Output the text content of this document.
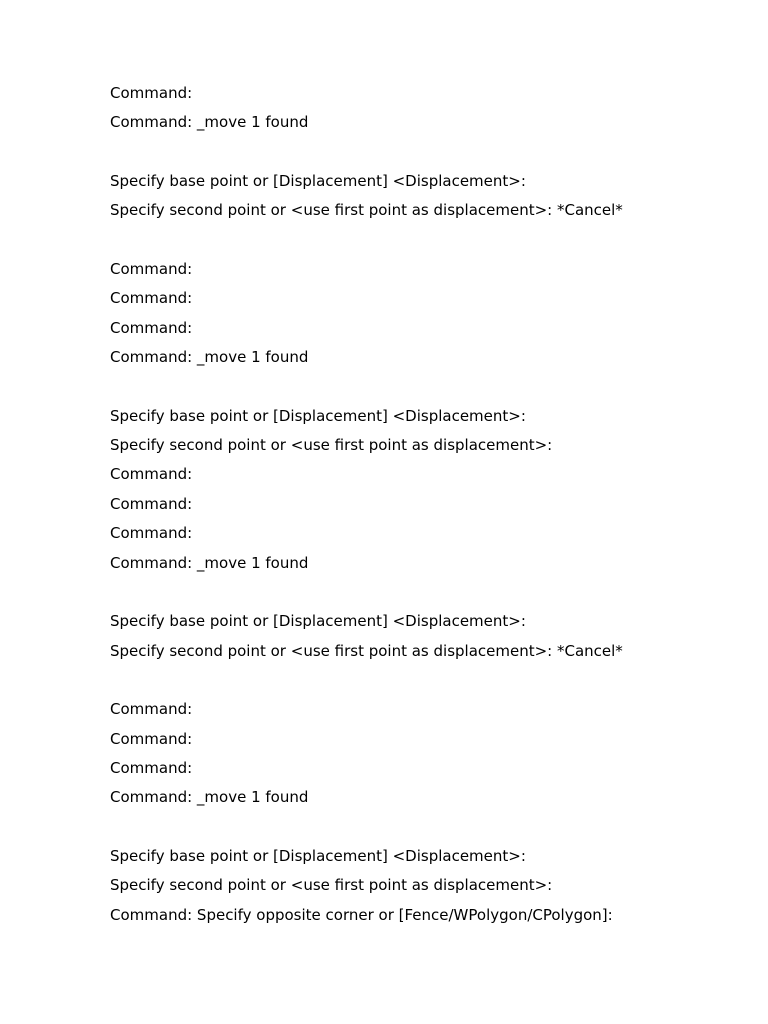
Command:
Command: _move 1 found
Specify base point or [Displacement] <Displacement>:
Specify second point or <use first point as displacement>: *Cancel*
Command:
Command:
Command:
Command: _move 1 found
Specify base point or [Displacement] <Displacement>:
Specify second point or <use first point as displacement>:
Command:
Command:
Command:
Command: _move 1 found
Specify base point or [Displacement] <Displacement>:
Specify second point or <use first point as displacement>: *Cancel*
Command:
Command:
Command:
Command: _move 1 found
Specify base point or [Displacement] <Displacement>:
Specify second point or <use first point as displacement>:
Command: Specify opposite corner or [Fence/WPolygon/CPolygon]:
